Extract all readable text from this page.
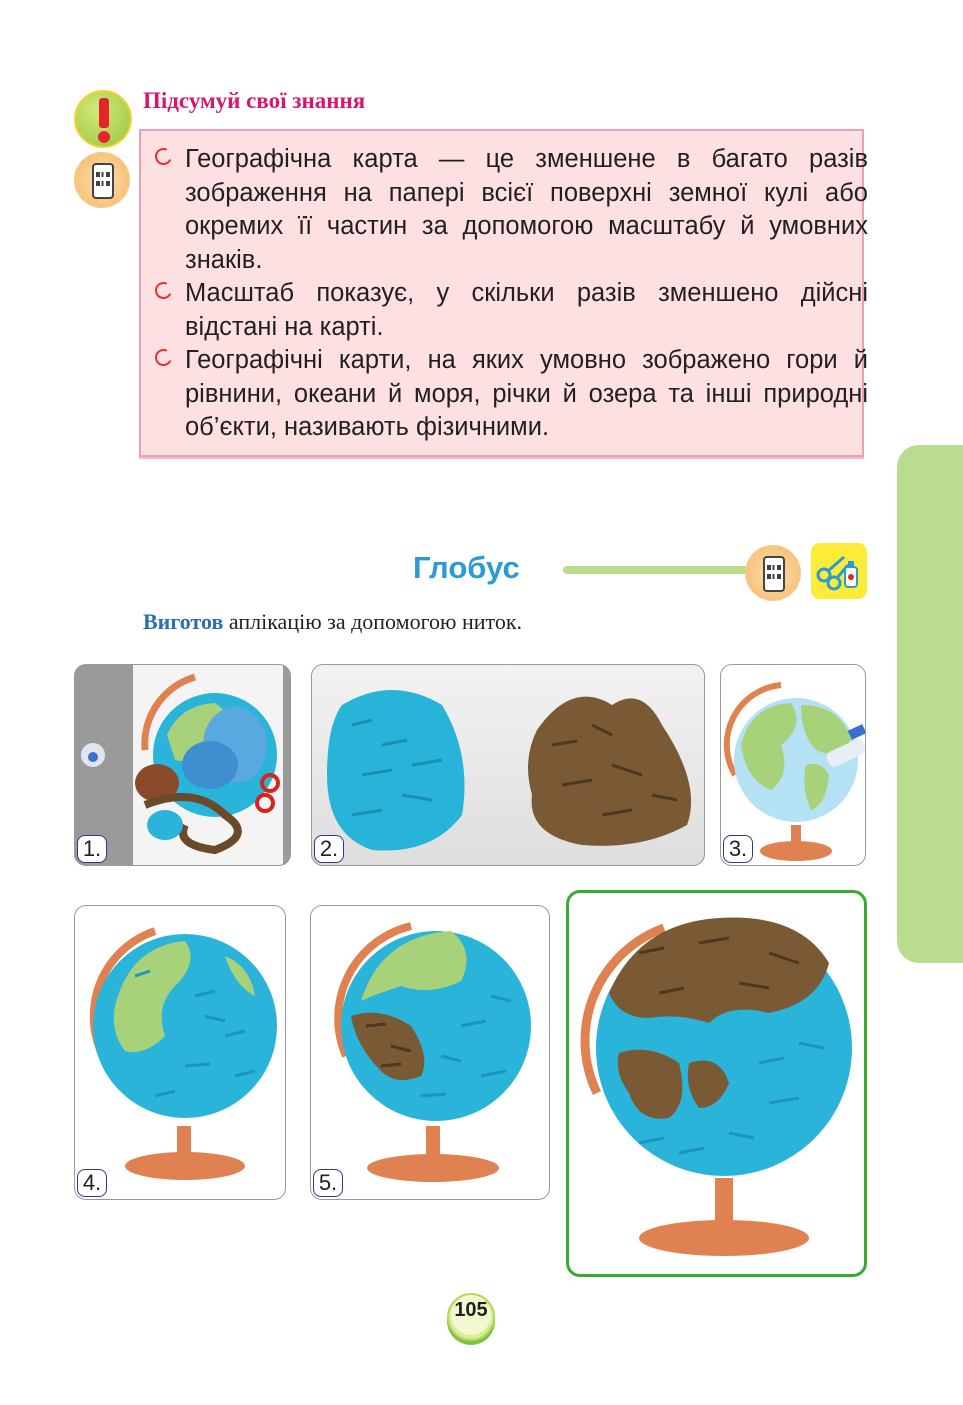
Підсумуй свої знання
Географічна карта — це зменшене в багато разів зображення на папері всієї поверхні земної кулі або окремих її частин за допомогою масштабу й умовних знаків.
Масштаб показує, у скільки разів зменшено дійсні відстані на карті.
Географічні карти, на яких умовно зображено гори й рівнини, океани й моря, річки й озера та інші природні об’єкти, називають фізичними.
Глобус
Виготов аплікацію за допомогою ниток.
1.	2.	3.
4.	5.
105
